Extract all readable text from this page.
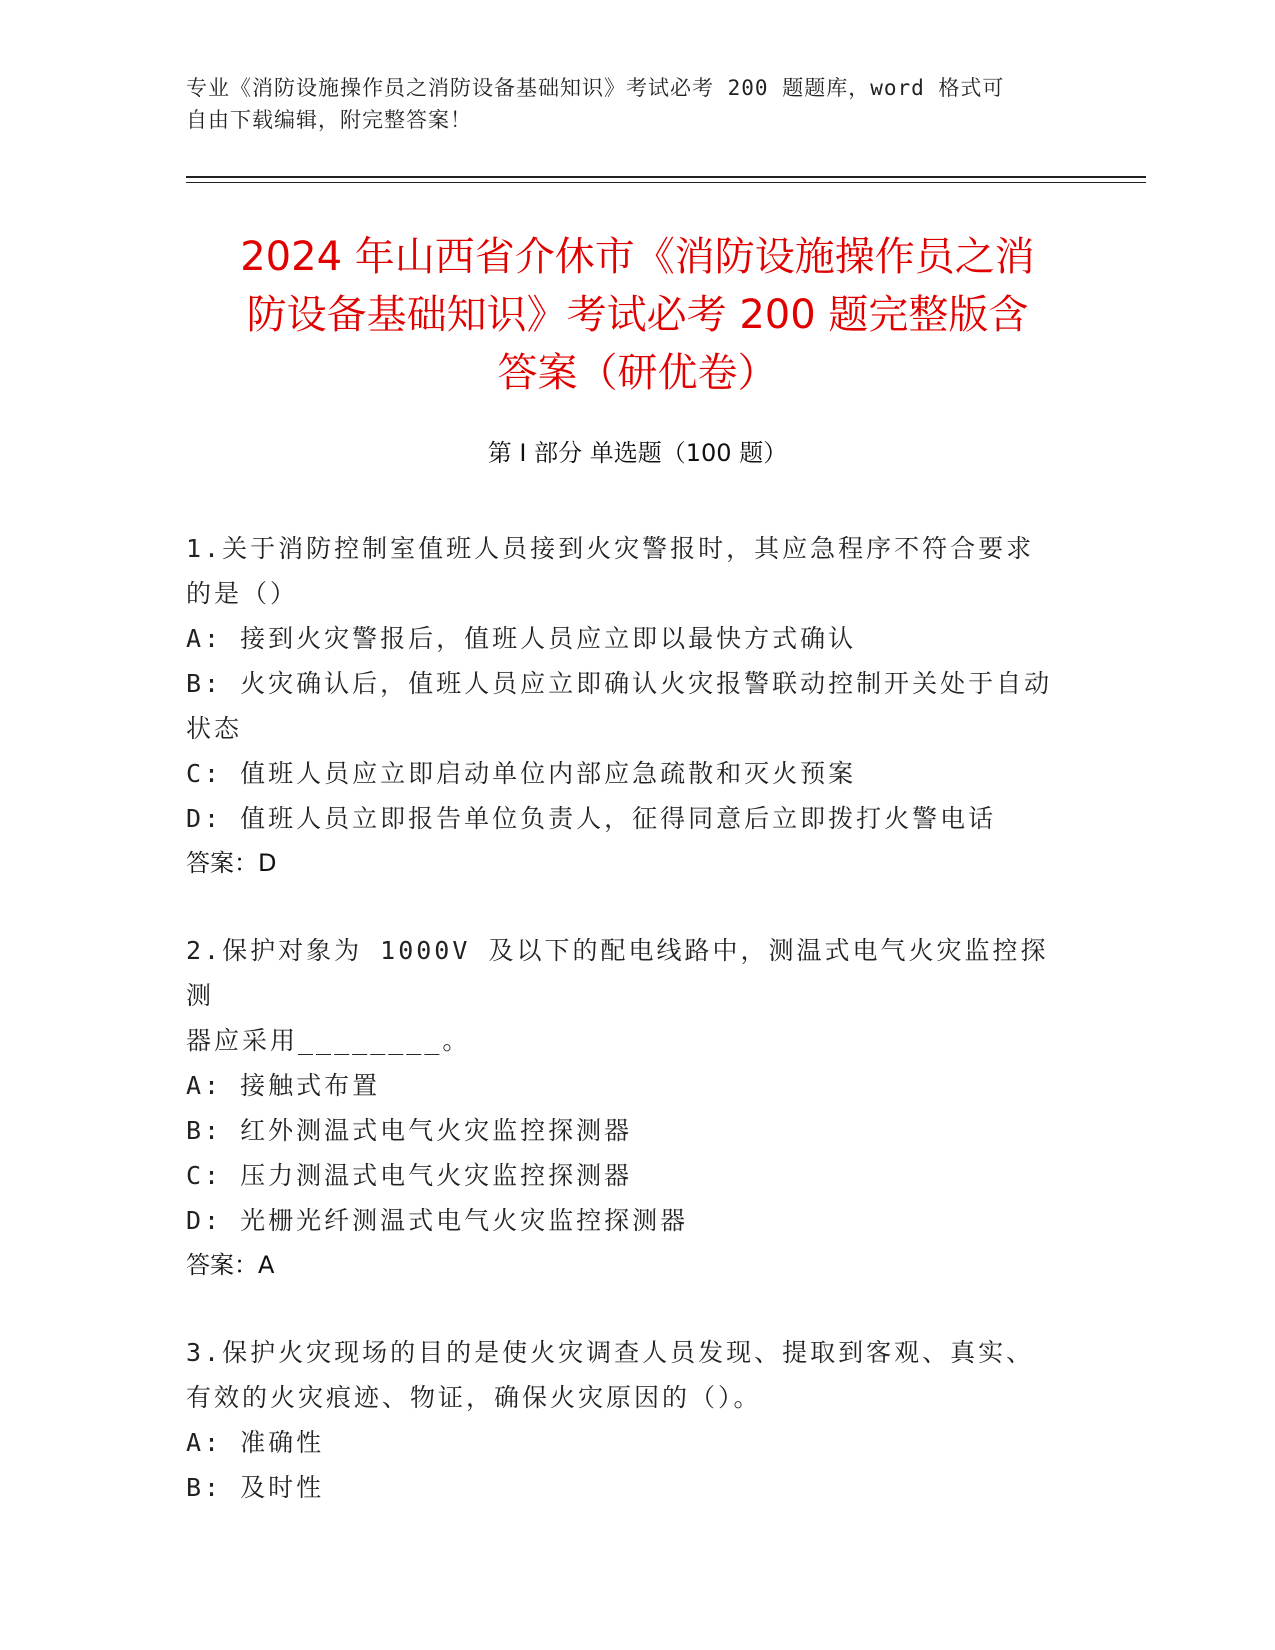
专业《消防设施操作员之消防设备基础知识》考试必考 200 题题库，word 格式可
自由下载编辑，附完整答案！
2024 年山西省介休市《消防设施操作员之消
防设备基础知识》考试必考 200 题完整版含
答案（研优卷）
第 I 部分 单选题（100 题）

1.关于消防控制室值班人员接到火灾警报时，其应急程序不符合要求

的是（）

A: 接到火灾警报后，值班人员应立即以最快方式确认

B: 火灾确认后，值班人员应立即确认火灾报警联动控制开关处于自动

状态

C: 值班人员应立即启动单位内部应急疏散和灭火预案

D: 值班人员立即报告单位负责人，征得同意后立即拨打火警电话

答案：D

2.保护对象为 1000V 及以下的配电线路中，测温式电气火灾监控探测

器应采用________。

A: 接触式布置

B: 红外测温式电气火灾监控探测器

C: 压力测温式电气火灾监控探测器

D: 光栅光纤测温式电气火灾监控探测器

答案：A

3.保护火灾现场的目的是使火灾调查人员发现、提取到客观、真实、

有效的火灾痕迹、物证，确保火灾原因的（）。

A: 准确性

B: 及时性
